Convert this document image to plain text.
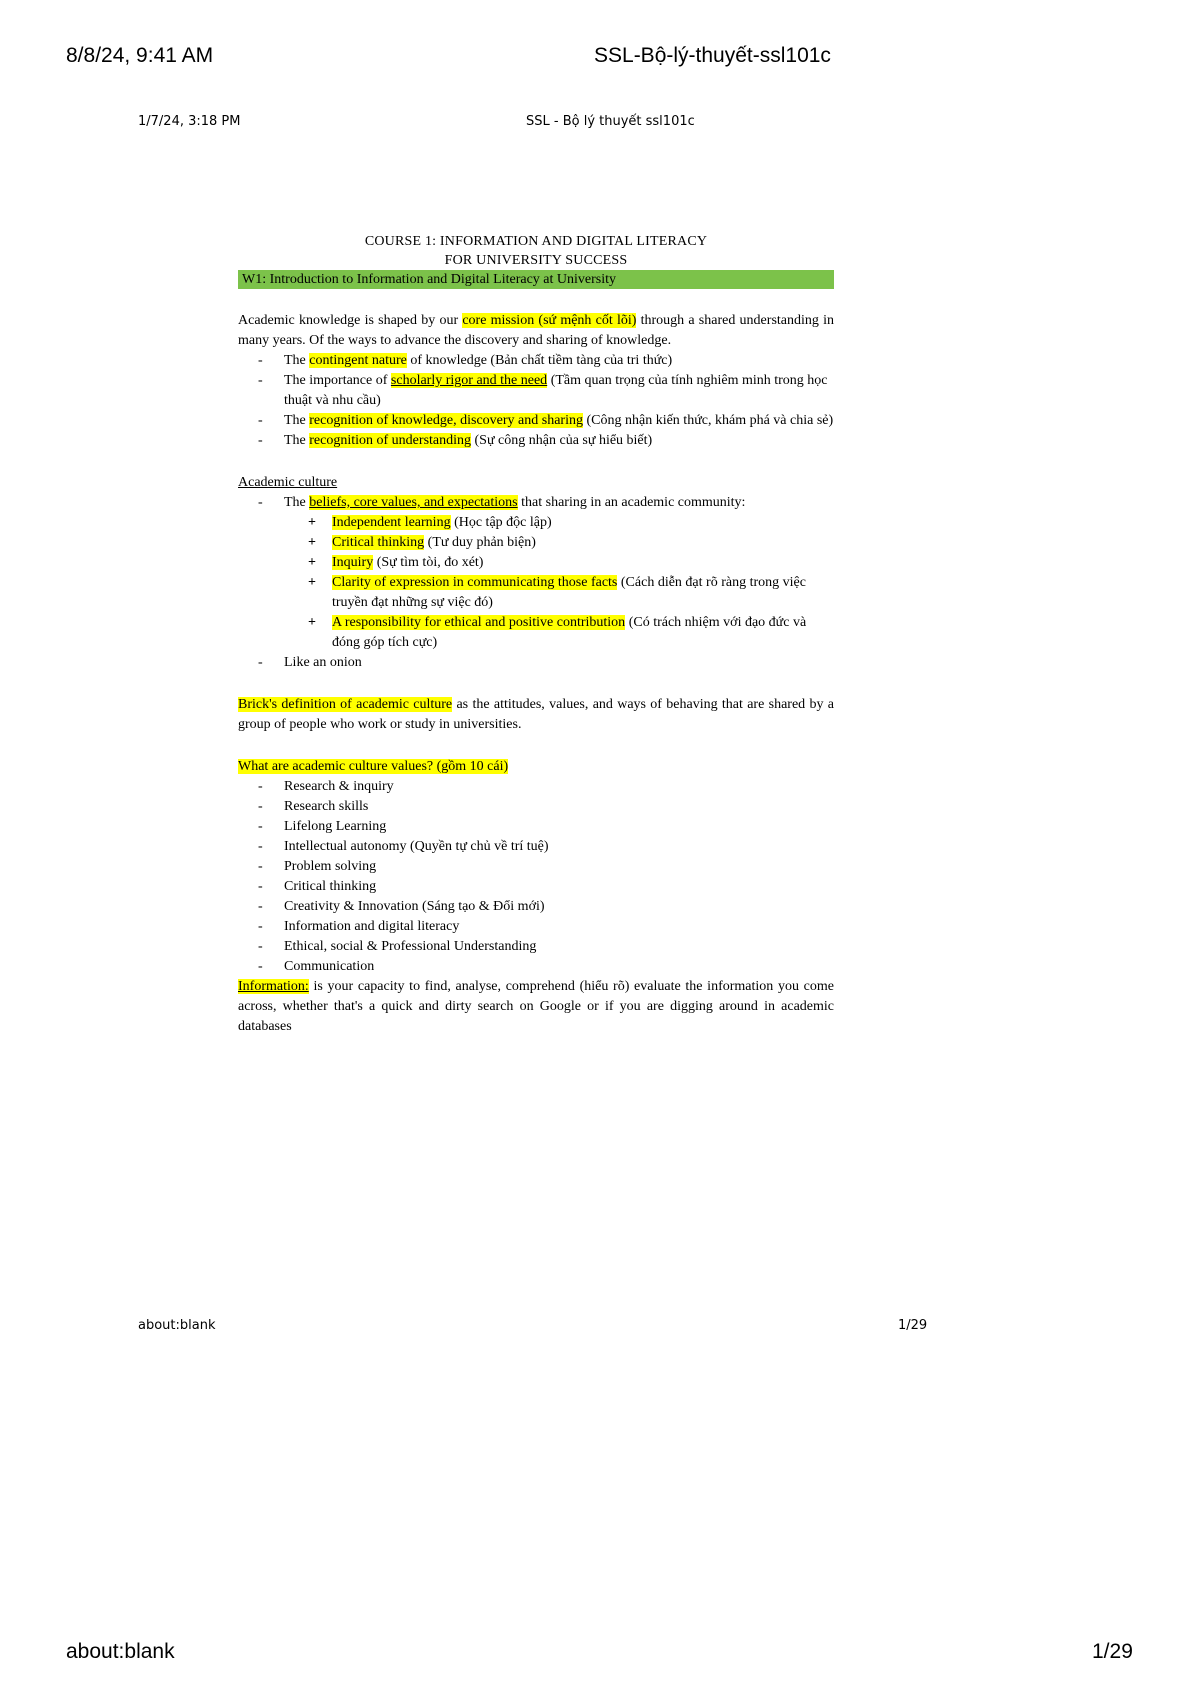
8/8/24, 9:41 AM	SSL-Bộ-lý-thuyết-ssl101c
1/7/24, 3:18 PM	SSL - Bộ lý thuyết ssl101c
COURSE 1: INFORMATION AND DIGITAL LITERACY
FOR UNIVERSITY SUCCESS
W1: Introduction to Information and Digital Literacy at University

Academic knowledge is shaped by our core mission (sứ mệnh cốt lõi) through a shared understanding in many years. Of the ways to advance the discovery and sharing of knowledge.

- The contingent nature of knowledge (Bản chất tiềm tàng của tri thức)
- The importance of scholarly rigor and the need (Tầm quan trọng của tính nghiêm minh trong học thuật và nhu cầu)
- The recognition of knowledge, discovery and sharing (Công nhận kiến thức, khám phá và chia sẻ)
- The recognition of understanding (Sự công nhận của sự hiểu biết)
Academic culture
- The beliefs, core values, and expectations that sharing in an academic community:
+ Independent learning (Học tập độc lập)
+ Critical thinking (Tư duy phản biện)
+ Inquiry (Sự tìm tòi, đo xét)
+ Clarity of expression in communicating those facts (Cách diễn đạt rõ ràng trong việc truyền đạt những sự việc đó)
+ A responsibility for ethical and positive contribution (Có trách nhiệm với đạo đức và đóng góp tích cực)
- Like an onion

Brick's definition of academic culture as the attitudes, values, and ways of behaving that are shared by a group of people who work or study in universities.

What are academic culture values? (gồm 10 cái)
- Research & inquiry
- Research skills
- Lifelong Learning
- Intellectual autonomy (Quyền tự chủ về trí tuệ)
- Problem solving
- Critical thinking
- Creativity & Innovation (Sáng tạo & Đổi mới)
- Information and digital literacy
- Ethical, social & Professional Understanding
- Communication

Information: is your capacity to find, analyse, comprehend (hiểu rõ) evaluate the information you come across, whether that's a quick and dirty search on Google or if you are digging around in academic databases

about:blank	1/29
about:blank	1/29
